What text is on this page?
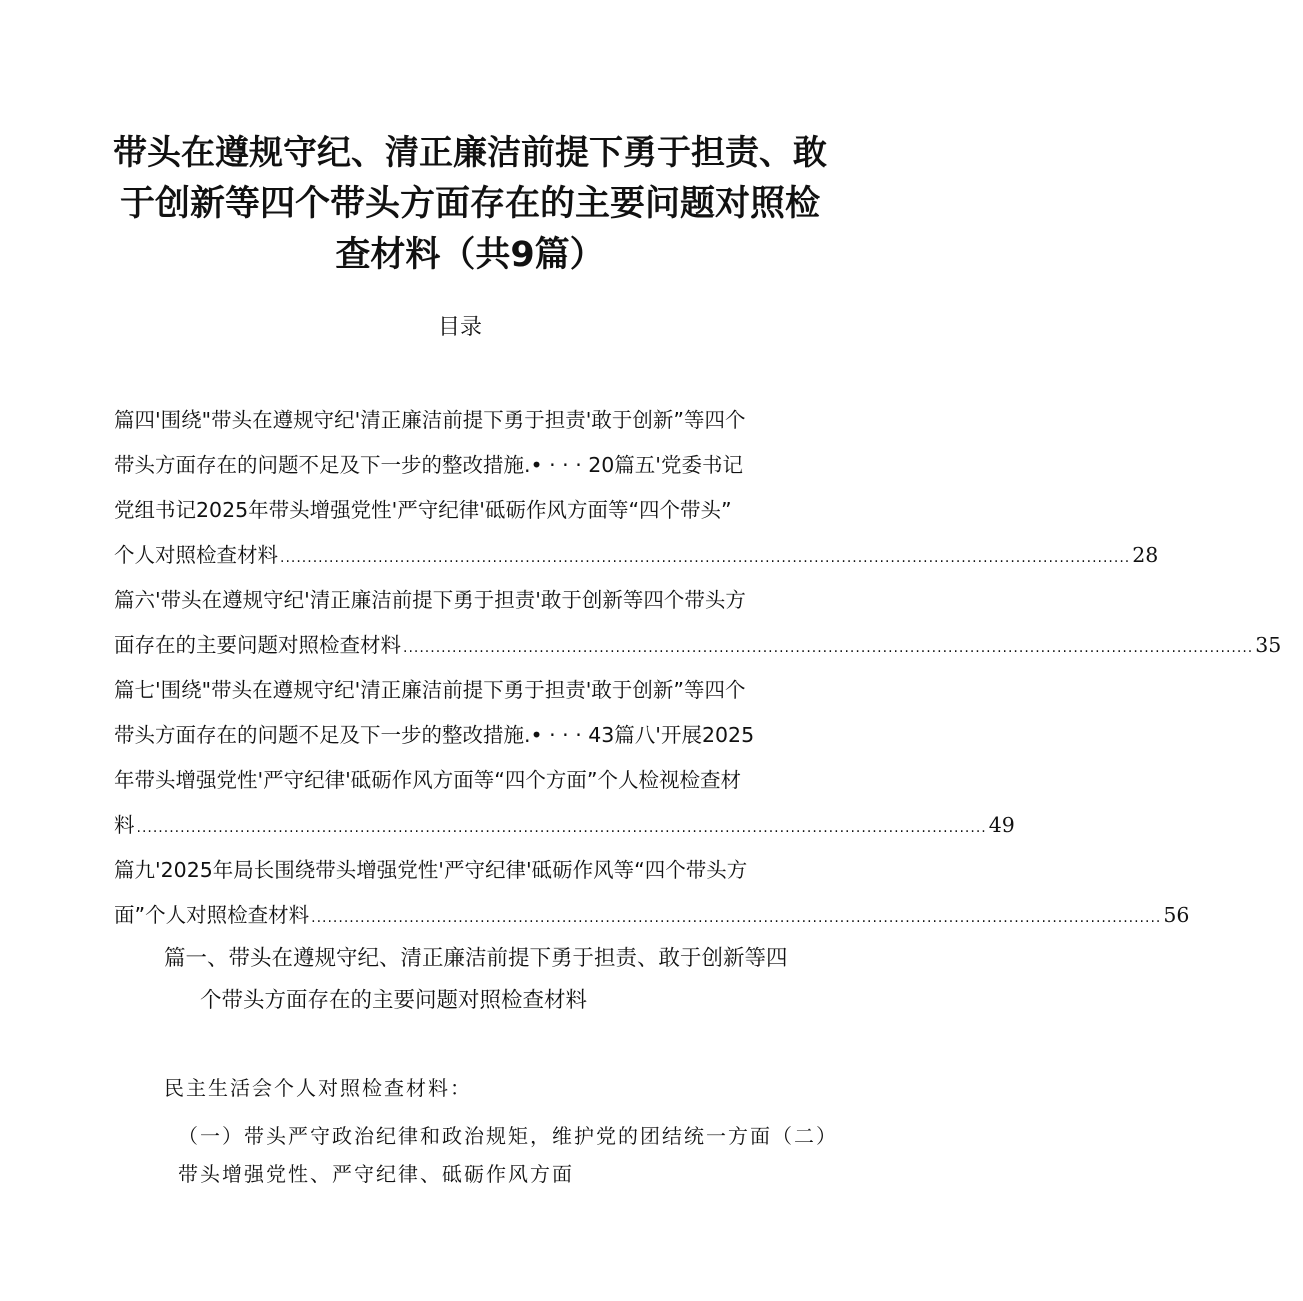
带头在遵规守纪、清正廉洁前提下勇于担责、敢
于创新等四个带头方面存在的主要问题对照检
查材料（共9篇）
目录
篇四'围绕"带头在遵规守纪'清正廉洁前提下勇于担责'敢于创新”等四个
带头方面存在的问题不足及下一步的整改措施.• · · · 20篇五'党委书记
党组书记2025年带头增强党性'严守纪律'砥砺作风方面等“四个带头”
个人对照检查材料 ............................................................................................................................................................ 28
篇六'带头在遵规守纪'清正廉洁前提下勇于担责'敢于创新等四个带头方
面存在的主要问题对照检查材料 ............................................................................................................................................................ 35
篇七'围绕"带头在遵规守纪'清正廉洁前提下勇于担责'敢于创新”等四个
带头方面存在的问题不足及下一步的整改措施.• · · · 43篇八'开展2025
年带头增强党性'严守纪律'砥砺作风方面等“四个方面”个人检视检查材
料 ............................................................................................................................................................ 49
篇九'2025年局长围绕带头增强党性'严守纪律'砥砺作风等“四个带头方
面”个人对照检查材料 ............................................................................................................................................................ 56
篇一、带头在遵规守纪、清正廉洁前提下勇于担责、敢于创新等四
个带头方面存在的主要问题对照检查材料

民主生活会个人对照检查材料：

（一）带头严守政治纪律和政治规矩，维护党的团结统一方面（二）

带头增强党性、严守纪律、砥砺作风方面
